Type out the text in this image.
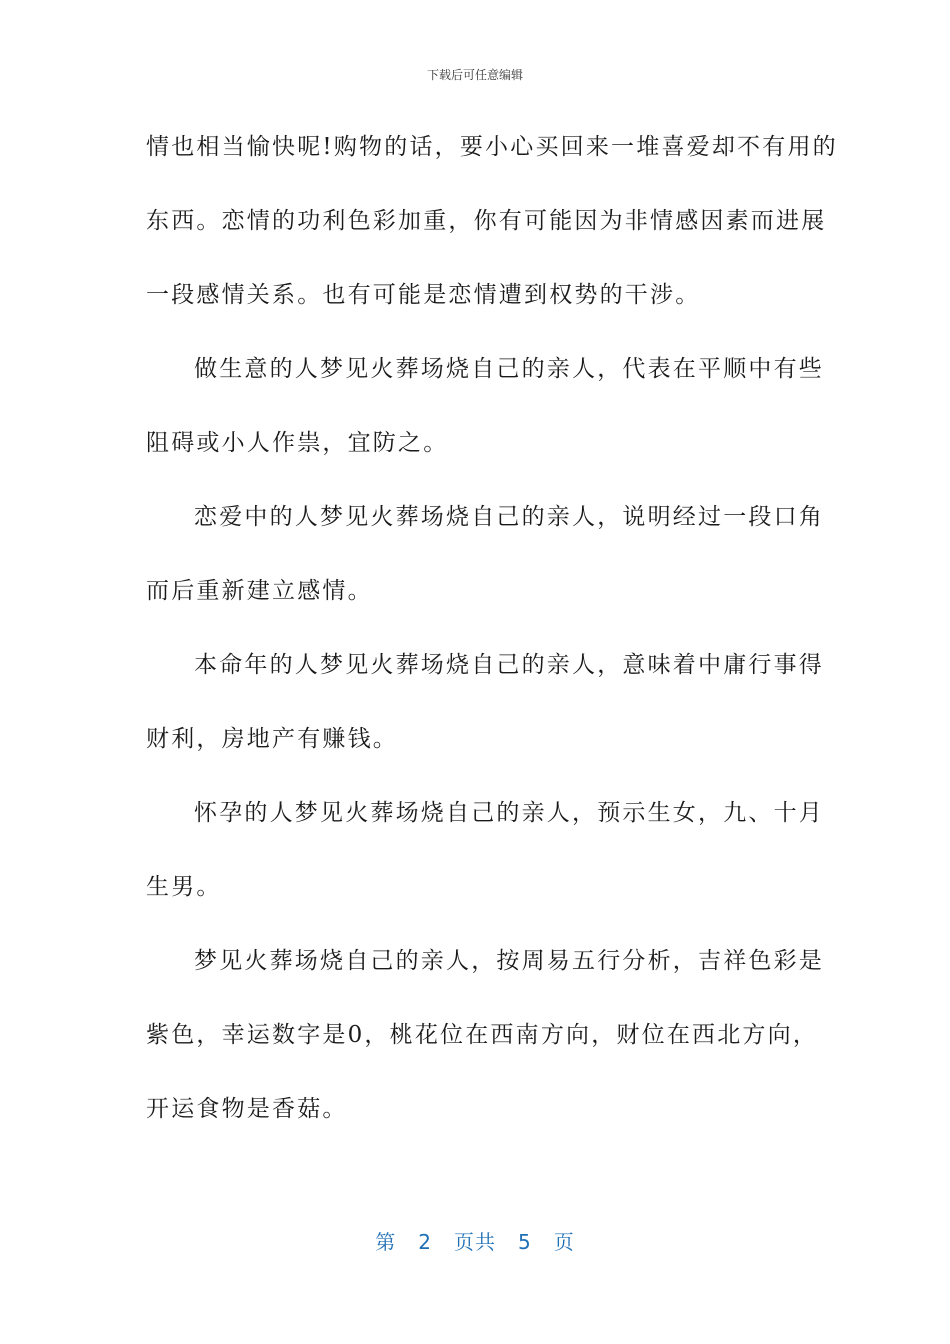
下载后可任意编辑

情也相当愉快呢!购物的话，要小心买回来一堆喜爱却不有用的
东西。恋情的功利色彩加重，你有可能因为非情感因素而进展
一段感情关系。也有可能是恋情遭到权势的干涉。

做生意的人梦见火葬场烧自己的亲人，代表在平顺中有些
阻碍或小人作祟，宜防之。

恋爱中的人梦见火葬场烧自己的亲人，说明经过一段口角
而后重新建立感情。

本命年的人梦见火葬场烧自己的亲人，意味着中庸行事得
财利，房地产有赚钱。

怀孕的人梦见火葬场烧自己的亲人，预示生女，九、十月
生男。

梦见火葬场烧自己的亲人，按周易五行分析，吉祥色彩是
紫色，幸运数字是0，桃花位在西南方向，财位在西北方向，
开运食物是香菇。

第 2 页共 5 页
